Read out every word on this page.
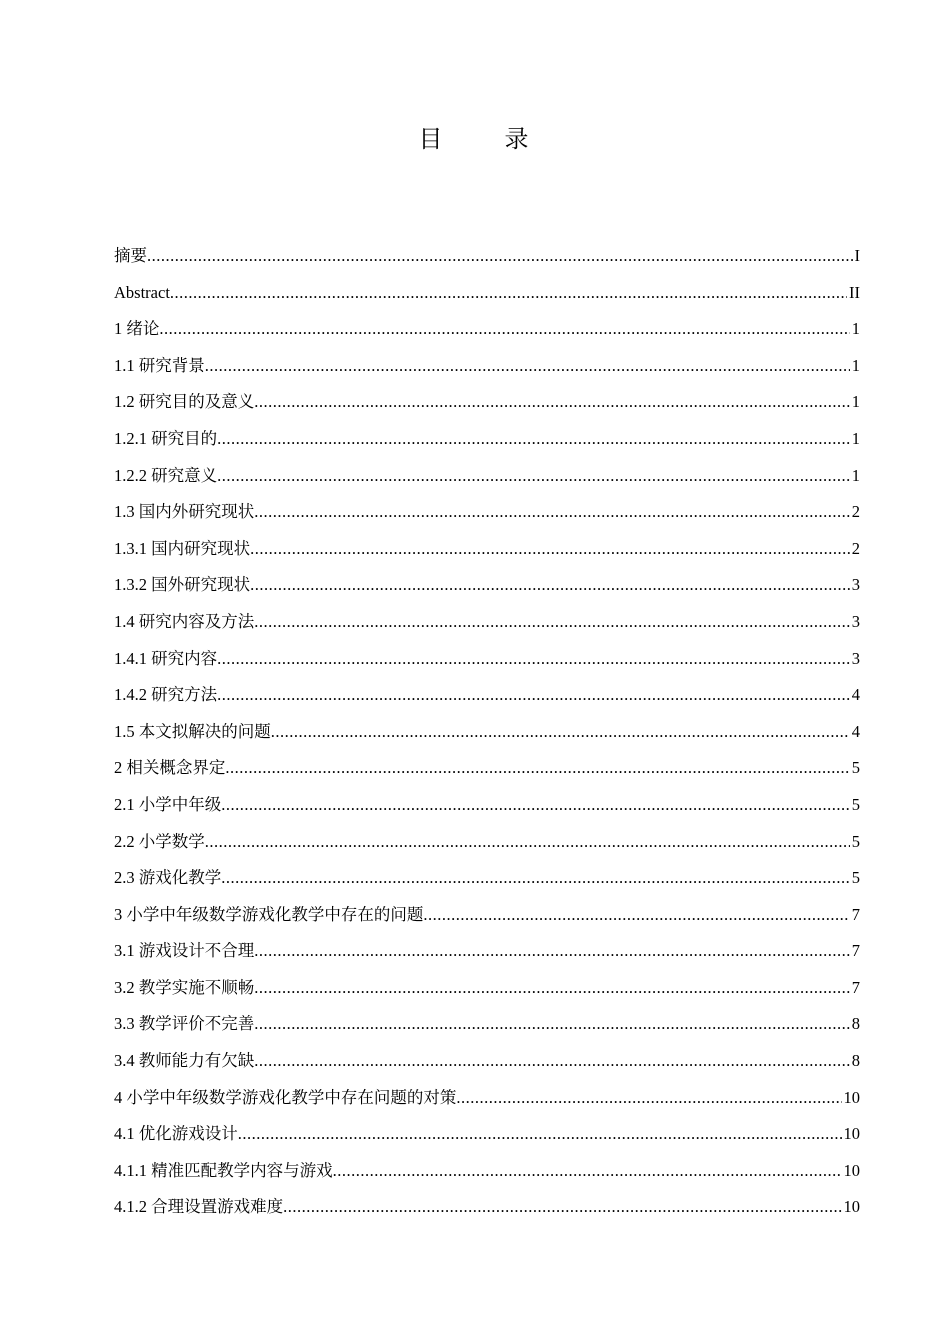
目 录
摘要 .....	I
Abstract .....	II
1 绪论 .....	1
1.1 研究背景 .....	1
1.2 研究目的及意义 .....	1
1.2.1 研究目的 .....	1
1.2.2 研究意义 .....	1
1.3 国内外研究现状 .....	2
1.3.1 国内研究现状 .....	2
1.3.2 国外研究现状 .....	3
1.4 研究内容及方法 .....	3
1.4.1 研究内容 .....	3
1.4.2 研究方法 .....	4
1.5 本文拟解决的问题 .....	4
2 相关概念界定 .....	5
2.1 小学中年级 .....	5
2.2 小学数学 .....	5
2.3 游戏化教学 .....	5
3 小学中年级数学游戏化教学中存在的问题 .....	7
3.1 游戏设计不合理 .....	7
3.2 教学实施不顺畅 .....	7
3.3 教学评价不完善 .....	8
3.4 教师能力有欠缺 .....	8
4 小学中年级数学游戏化教学中存在问题的对策 .....	10
4.1 优化游戏设计 .....	10
4.1.1 精准匹配教学内容与游戏 .....	10
4.1.2 合理设置游戏难度 .....	10
